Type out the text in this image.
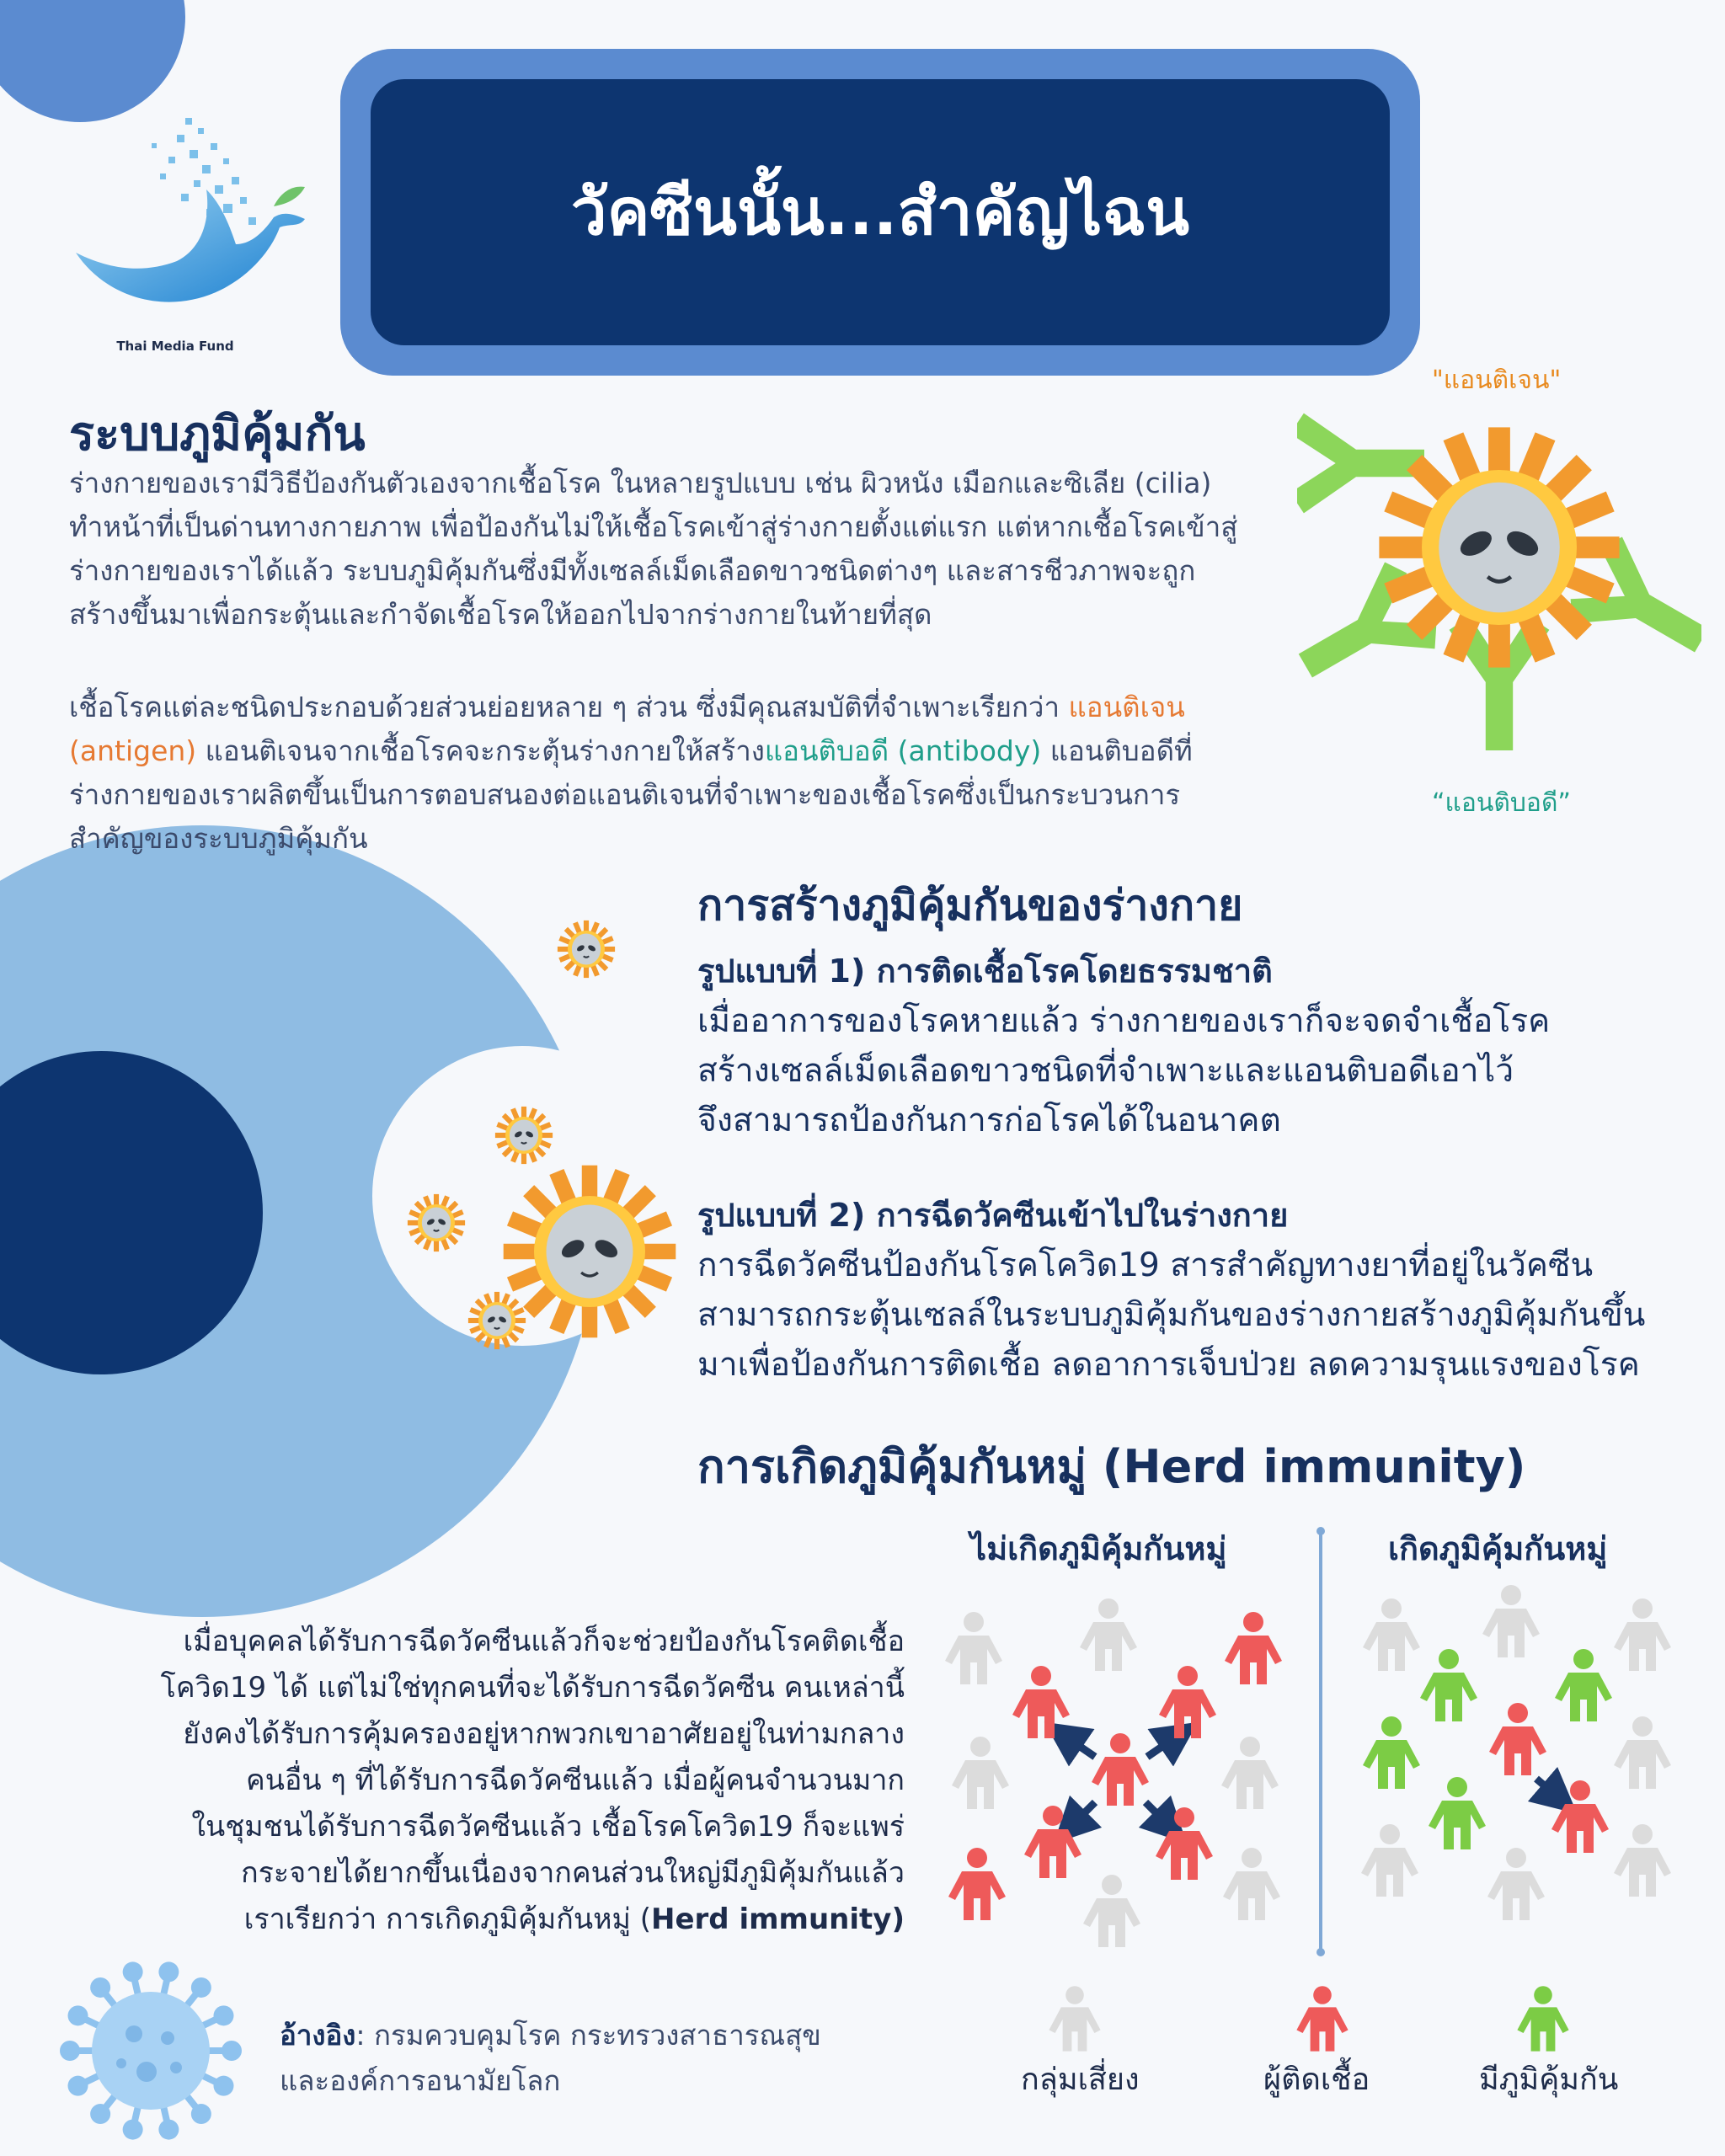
Thai Media Fund
วัคซีนนั้น...สำคัญไฉน
ระบบภูมิคุ้มกัน
ร่างกายของเรามีวิธีป้องกันตัวเองจากเชื้อโรค ในหลายรูปแบบ เช่น ผิวหนัง เมือกและซิเลีย (cilia)
ทำหน้าที่เป็นด่านทางกายภาพ เพื่อป้องกันไม่ให้เชื้อโรคเข้าสู่ร่างกายตั้งแต่แรก แต่หากเชื้อโรคเข้าสู่
ร่างกายของเราได้แล้ว ระบบภูมิคุ้มกันซึ่งมีทั้งเซลล์เม็ดเลือดขาวชนิดต่างๆ และสารชีวภาพจะถูก
สร้างขึ้นมาเพื่อกระตุ้นและกำจัดเชื้อโรคให้ออกไปจากร่างกายในท้ายที่สุด
เชื้อโรคแต่ละชนิดประกอบด้วยส่วนย่อยหลาย ๆ ส่วน ซึ่งมีคุณสมบัติที่จำเพาะเรียกว่า แอนติเจน
(antigen) แอนติเจนจากเชื้อโรคจะกระตุ้นร่างกายให้สร้างแอนติบอดี (antibody) แอนติบอดีที่
ร่างกายของเราผลิตขึ้นเป็นการตอบสนองต่อแอนติเจนที่จำเพาะของเชื้อโรคซึ่งเป็นกระบวนการ
สำคัญของระบบภูมิคุ้มกัน
"แอนติเจน"
การสร้างภูมิคุ้มกันของร่างกาย
รูปแบบที่ 1) การติดเชื้อโรคโดยธรรมชาติ
เมื่ออาการของโรคหายแล้ว ร่างกายของเราก็จะจดจำเชื้อโรค
สร้างเซลล์เม็ดเลือดขาวชนิดที่จำเพาะและแอนติบอดีเอาไว้
จึงสามารถป้องกันการก่อโรคได้ในอนาคต
รูปแบบที่ 2) การฉีดวัคซีนเข้าไปในร่างกาย
การฉีดวัคซีนป้องกันโรคโควิด19 สารสำคัญทางยาที่อยู่ในวัคซีน
สามารถกระตุ้นเซลล์ในระบบภูมิคุ้มกันของร่างกายสร้างภูมิคุ้มกันขึ้น
มาเพื่อป้องกันการติดเชื้อ ลดอาการเจ็บป่วย ลดความรุนแรงของโรค
“แอนติบอดี”
การเกิดภูมิคุ้มกันหมู่ (Herd immunity)
เมื่อบุคคลได้รับการฉีดวัคซีนแล้วก็จะช่วยป้องกันโรคติดเชื้อ
โควิด19 ได้ แต่ไม่ใช่ทุกคนที่จะได้รับการฉีดวัคซีน คนเหล่านี้
ยังคงได้รับการคุ้มครองอยู่หากพวกเขาอาศัยอยู่ในท่ามกลาง
คนอื่น ๆ ที่ได้รับการฉีดวัคซีนแล้ว เมื่อผู้คนจำนวนมาก
ในชุมชนได้รับการฉีดวัคซีนแล้ว เชื้อโรคโควิด19 ก็จะแพร่
กระจายได้ยากขึ้นเนื่องจากคนส่วนใหญ่มีภูมิคุ้มกันแล้ว
เราเรียกว่า การเกิดภูมิคุ้มกันหมู่ (Herd immunity)
ไม่เกิดภูมิคุ้มกันหมู่	เกิดภูมิคุ้มกันหมู่
กลุ่มเสี่ยง	ผู้ติดเชื้อ	มีภูมิคุ้มกัน
อ้างอิง: กรมควบคุมโรค กระทรวงสาธารณสุข
และองค์การอนามัยโลก
